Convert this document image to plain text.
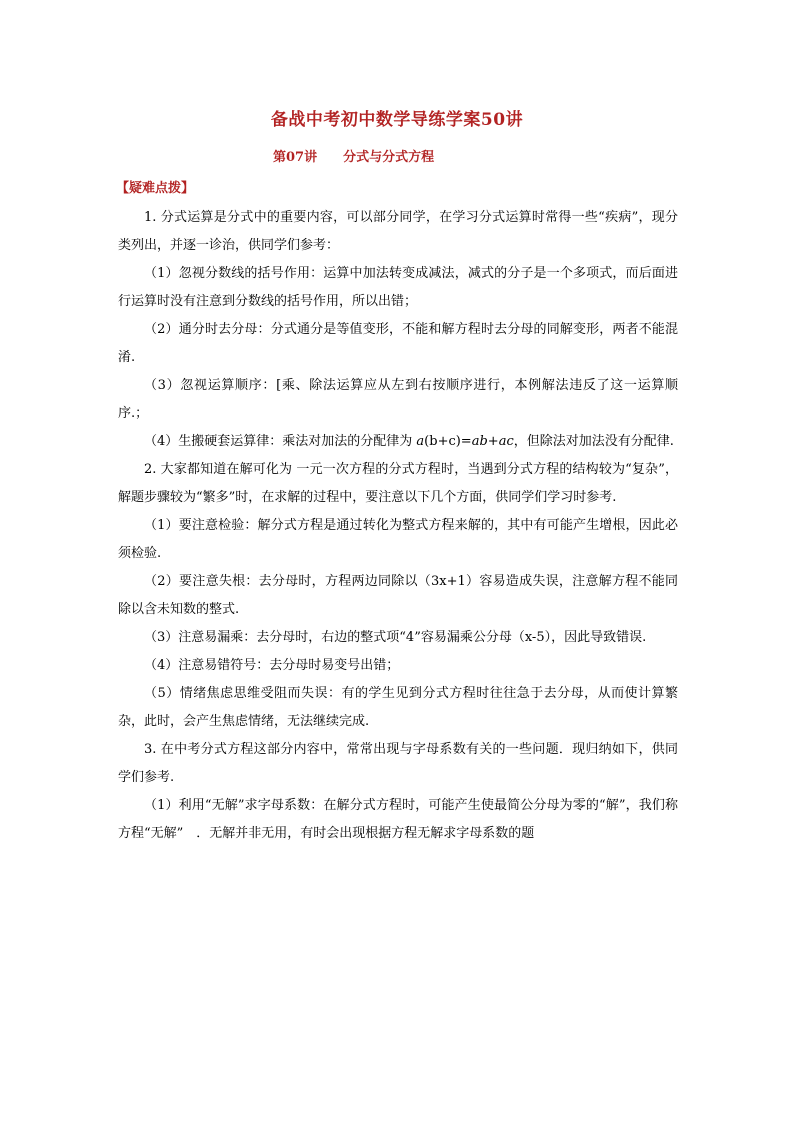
备战中考初中数学导练学案50讲
第07讲 分式与分式方程
【疑难点拨】

1. 分式运算是分式中的重要内容，可以部分同学，在学习分式运算时常得一些“疾病”，现分类列出，并逐一诊治，供同学们参考：

（1）忽视分数线的括号作用：运算中加法转变成减法，减式的分子是一个多项式，而后面进行运算时没有注意到分数线的括号作用，所以出错；

（2）通分时去分母：分式通分是等值变形，不能和解方程时去分母的同解变形，两者不能混淆.

（3）忽视运算顺序：[乘、除法运算应从左到右按顺序进行，本例解法违反了这一运算顺序.；

（4）生搬硬套运算律：乘法对加法的分配律为 a(b+c)=ab+ac，但除法对加法没有分配律.

2. 大家都知道在解可化为 一元一次方程的分式方程时，当遇到分式方程的结构较为“复杂”，解题步骤较为“繁多”时，在求解的过程中，要注意以下几个方面，供同学们学习时参考.

（1）要注意检验：解分式方程是通过转化为整式方程来解的，其中有可能产生增根，因此必须检验.

（2）要注意失根：去分母时，方程两边同除以（3x+1）容易造成失误，注意解方程不能同除以含未知数的整式.

（3）注意易漏乘：去分母时，右边的整式项“4”容易漏乘公分母（x-5），因此导致错误.

（4）注意易错符号：去分母时易变号出错；

（5）情绪焦虑思维受阻而失误：有的学生见到分式方程时往往急于去分母，从而使计算繁杂，此时，会产生焦虑情绪，无法继续完成.

3. 在中考分式方程这部分内容中，常常出现与字母系数有关的一些问题．现归纳如下，供同学们参考.

（1）利用“无解”求字母系数：在解分式方程时，可能产生使最简公分母为零的“解”，我们称方程“无解”　．无解并非无用，有时会出现根据方程无解求字母系数的题
